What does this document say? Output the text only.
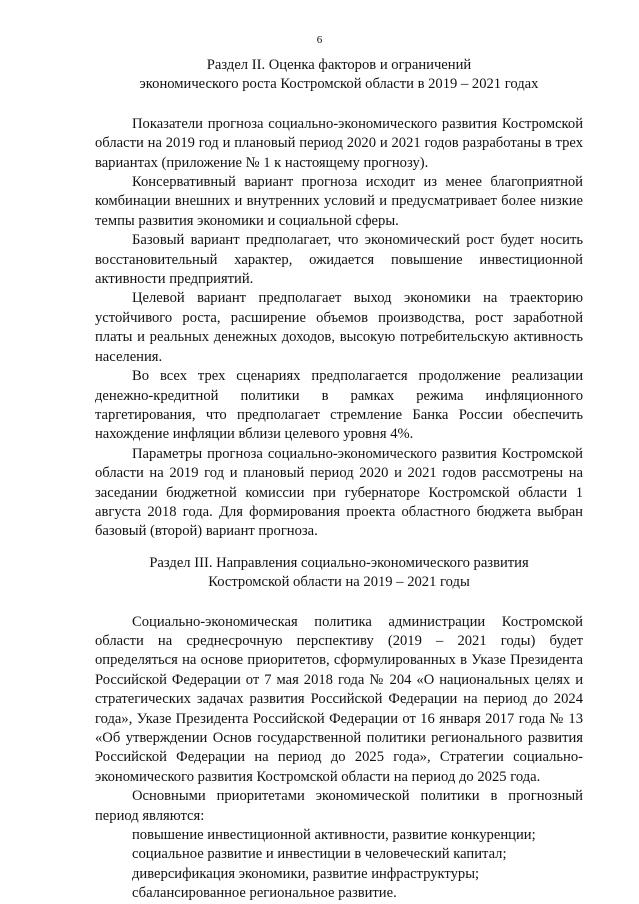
6
Раздел II. Оценка факторов и ограничений
экономического роста Костромской области в 2019 – 2021 годах

Показатели прогноза социально-экономического развития Костромской области на 2019 год и плановый период 2020 и 2021 годов разработаны в трех вариантах (приложение № 1 к настоящему прогнозу).

Консервативный вариант прогноза исходит из менее благоприятной комбинации внешних и внутренних условий и предусматривает более низкие темпы развития экономики и социальной сферы.

Базовый вариант предполагает, что экономический рост будет носить восстановительный характер, ожидается повышение инвестиционной активности предприятий.

Целевой вариант предполагает выход экономики на траекторию устойчивого роста, расширение объемов производства, рост заработной платы и реальных денежных доходов, высокую потребительскую активность населения.

Во всех трех сценариях предполагается продолжение реализации денежно-кредитной политики в рамках режима инфляционного таргетирования, что предполагает стремление Банка России обеспечить нахождение инфляции вблизи целевого уровня 4%.

Параметры прогноза социально-экономического развития Костромской области на 2019 год и плановый период 2020 и 2021 годов рассмотрены на заседании бюджетной комиссии при губернаторе Костромской области 1 августа 2018 года. Для формирования проекта областного бюджета выбран базовый (второй) вариант прогноза.

Раздел III. Направления социально-экономического развития
Костромской области на 2019 – 2021 годы

Социально-экономическая политика администрации Костромской области на среднесрочную перспективу (2019 – 2021 годы) будет определяться на основе приоритетов, сформулированных в Указе Президента Российской Федерации от 7 мая 2018 года № 204 «О национальных целях и стратегических задачах развития Российской Федерации на период до 2024 года», Указе Президента Российской Федерации от 16 января 2017 года № 13 «Об утверждении Основ государственной политики регионального развития Российской Федерации на период до 2025 года», Стратегии социально-экономического развития Костромской области на период до 2025 года.

Основными приоритетами экономической политики в прогнозный период являются:

повышение инвестиционной активности, развитие конкуренции;
социальное развитие и инвестиции в человеческий капитал;
диверсификация экономики, развитие инфраструктуры;
сбалансированное региональное развитие.
